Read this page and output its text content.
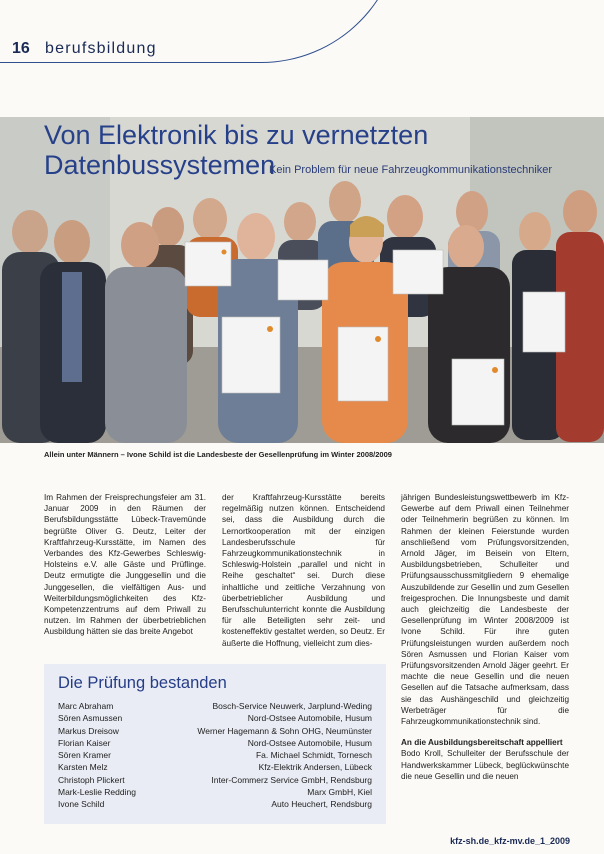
16 berufsbildung
Von Elektronik bis zu vernetzten
Datenbussystemen
Kein Problem für neue Fahrzeugkommunikationstechniker
Allein unter Männern – Ivone Schild ist die Landesbeste der Gesellenprüfung im Winter 2008/2009

Im Rahmen der Freisprechungsfeier am 31. Januar 2009 in den Räumen der Berufsbildungsstätte Lübeck-Travemünde begrüßte Oliver G. Deutz, Leiter der Kraftfahrzeug-Kursstätte, im Namen des Verbandes des Kfz-Gewerbes Schleswig-Holsteins e.V. alle Gäste und Prüflinge. Deutz ermutigte die Junggesellin und die Junggesellen, die vielfältigen Aus- und Weiterbildungsmöglichkeiten des Kfz-Kompetenzzentrums auf dem Priwall zu nutzen. Im Rahmen der überbetrieblichen Ausbildung hätten sie das breite Angebot

der Kraftfahrzeug-Kursstätte bereits regelmäßig nutzen können. Entscheidend sei, dass die Ausbildung durch die Lernortkooperation mit der einzigen Landesberufsschule für Fahrzeugkommunikationstechnik in Schleswig-Holstein „parallel und nicht in Reihe geschaltet“ sei. Durch diese inhaltliche und zeitliche Verzahnung von überbetrieblicher Ausbildung und Berufsschulunterricht konnte die Ausbildung für alle Beteiligten sehr zeit- und kosteneffektiv gestaltet werden, so Deutz. Er äußerte die Hoffnung, vielleicht zum dies-

jährigen Bundesleistungswettbewerb im Kfz-Gewerbe auf dem Priwall einen Teilnehmer oder Teilnehmerin begrüßen zu können. Im Rahmen der kleinen Feierstunde wurden anschließend vom Prüfungsvorsitzenden, Arnold Jäger, im Beisein von Eltern, Ausbildungsbetrieben, Schulleiter und Prüfungsausschussmitgliedern 9 ehemalige Auszubildende zur Gesellin und zum Gesellen freigesprochen. Die Innungsbeste und damit auch gleichzeitig die Landesbeste der Gesellenprüfung im Winter 2008/2009 ist Ivone Schild. Für ihre guten Prüfungsleistungen wurden außerdem noch Sören Asmussen und Florian Kaiser vom Prüfungsvorsitzenden Arnold Jäger geehrt. Er machte die neue Gesellin und die neuen Gesellen auf die Tatsache aufmerksam, dass sie das Aushängeschild und gleichzeitig Werbeträger für die Fahrzeugkommunikationstechnik sind.

An die Ausbildungsbereitschaft appelliert

Bodo Kroll, Schulleiter der Berufsschule der Handwerkskammer Lübeck, beglückwünschte die neue Gesellin und die neuen

Die Prüfung bestanden
Marc Abraham	Bosch-Service Neuwerk, Jarplund-Weding
Sören Asmussen	Nord-Ostsee Automobile, Husum
Markus Dreisow	Werner Hagemann & Sohn OHG, Neumünster
Florian Kaiser	Nord-Ostsee Automobile, Husum
Sören Kramer	Fa. Michael Schmidt, Tornesch
Karsten Melz	Kfz-Elektrik Andersen, Lübeck
Christoph Plickert	Inter-Commerz Service GmbH, Rendsburg
Mark-Leslie Redding	Marx GmbH, Kiel
Ivone Schild	Auto Heuchert, Rendsburg
kfz-sh.de_kfz-mv.de_1_2009
